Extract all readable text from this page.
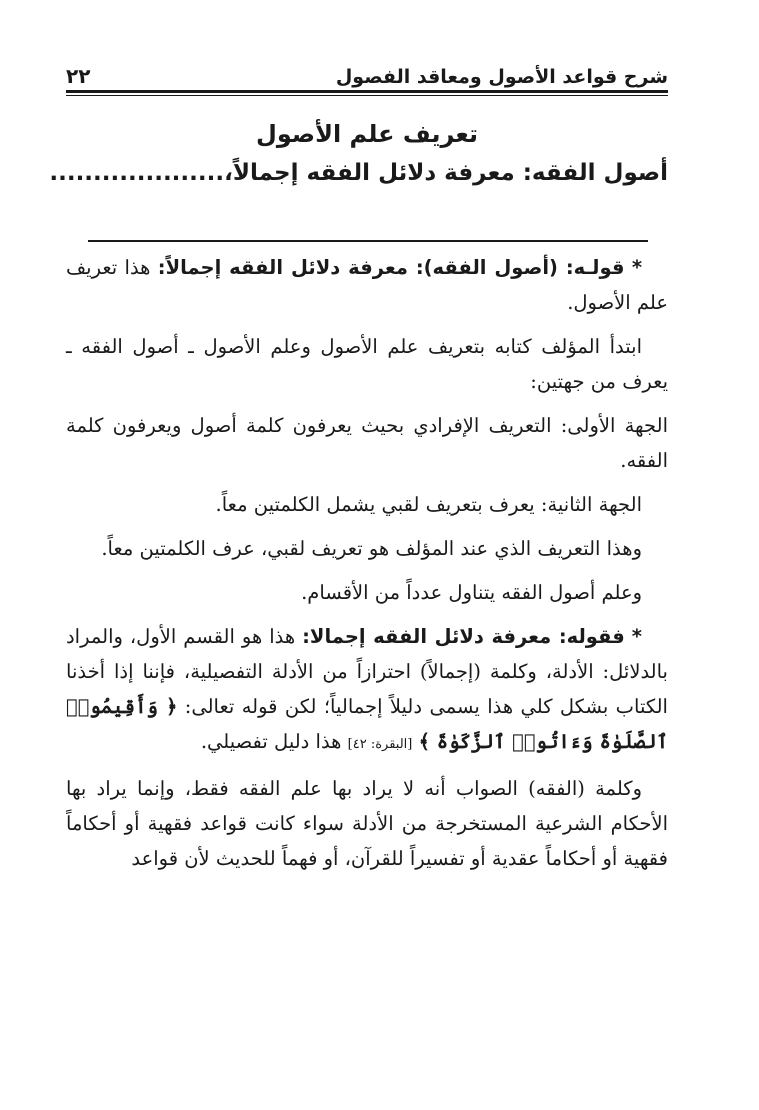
٢٢	شرح قواعد الأصول ومعاقد الفصول
تعريف علم الأصول
أصول الفقه: معرفة دلائل الفقه إجمالاً،....................

* قولـه: (أصول الفقه): معرفة دلائل الفقه إجمالاً: هذا تعريف علم الأصول.

ابتدأ المؤلف كتابه بتعريف علم الأصول وعلم الأصول ـ أصول الفقه ـ يعرف من جهتين:

الجهة الأولى: التعريف الإفرادي بحيث يعرفون كلمة أصول ويعرفون كلمة الفقه.

الجهة الثانية: يعرف بتعريف لقبي يشمل الكلمتين معاً.

وهذا التعريف الذي عند المؤلف هو تعريف لقبي، عرف الكلمتين معاً.

وعلم أصول الفقه يتناول عدداً من الأقسام.

* فقوله: معرفة دلائل الفقه إجمالا: هذا هو القسم الأول، والمراد بالدلائل: الأدلة، وكلمة (إجمالاً) احترازاً من الأدلة التفصيلية، فإننا إذا أخذنا الكتاب بشكل كلي هذا يسمى دليلاً إجمالياً؛ لكن قوله تعالى: ﴿ وَأَقِيمُوا۟ ٱلصَّلَوٰةَ وَءَاتُوا۟ ٱلزَّكَوٰةَ ﴾ [البقرة: ٤٢] هذا دليل تفصيلي.

وكلمة (الفقه) الصواب أنه لا يراد بها علم الفقه فقط، وإنما يراد بها الأحكام الشرعية المستخرجة من الأدلة سواء كانت قواعد فقهية أو أحكاماً فقهية أو أحكاماً عقدية أو تفسيراً للقرآن، أو فهماً للحديث لأن قواعد
